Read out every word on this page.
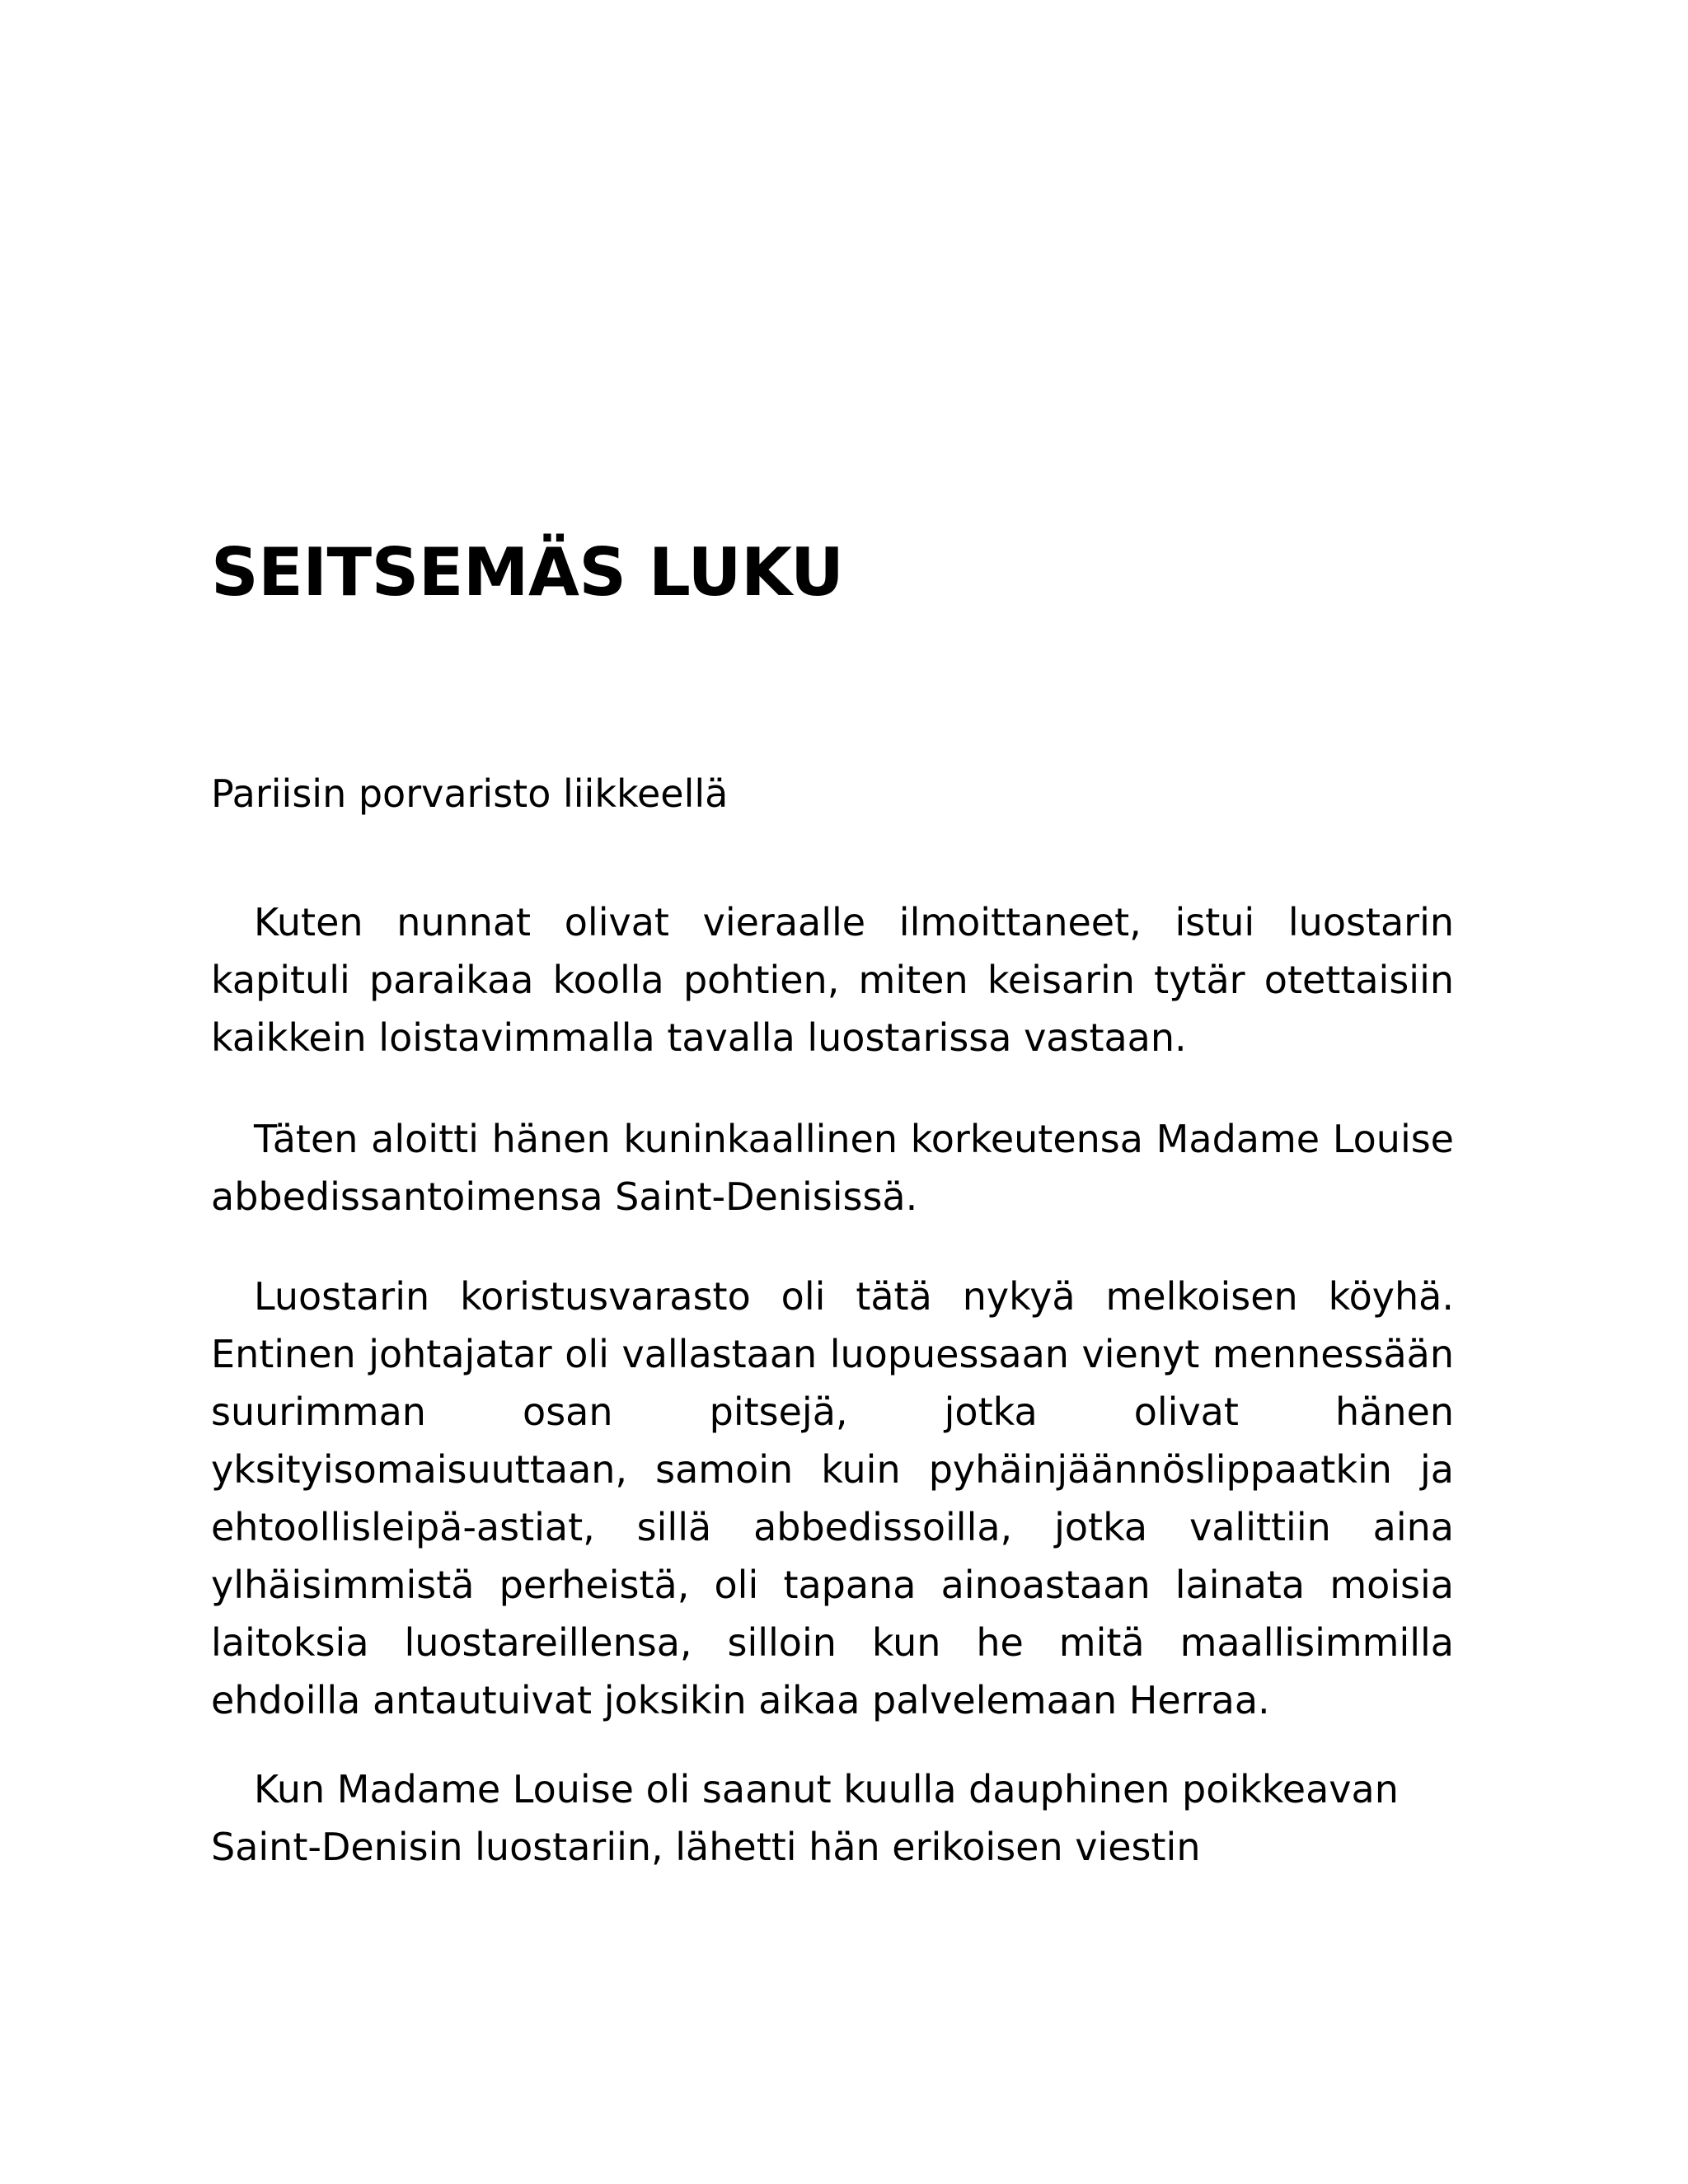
SEITSEMÄS LUKU

Pariisin porvaristo liikkeellä

Kuten nunnat olivat vieraalle ilmoittaneet, istui luostarin kapituli paraikaa koolla pohtien, miten keisarin tytär otettaisiin kaikkein loistavimmalla tavalla luostarissa vastaan.

Täten aloitti hänen kuninkaallinen korkeutensa Madame Louise abbedissantoimensa Saint-Denisissä.

Luostarin koristusvarasto oli tätä nykyä melkoisen köyhä. Entinen johtajatar oli vallastaan luopuessaan vienyt mennessään suurimman osan pitsejä, jotka olivat hänen yksityisomaisuuttaan, samoin kuin pyhäinjäännöslippaatkin ja ehtoollisleipä-astiat, sillä abbedissoilla, jotka valittiin aina ylhäisimmistä perheistä, oli tapana ainoastaan lainata moisia laitoksia luostareillensa, silloin kun he mitä maallisimmilla ehdoilla antautuivat joksikin aikaa palvelemaan Herraa.

Kun Madame Louise oli saanut kuulla dauphinen poikkeavan Saint-Denisin luostariin, lähetti hän erikoisen viestin
